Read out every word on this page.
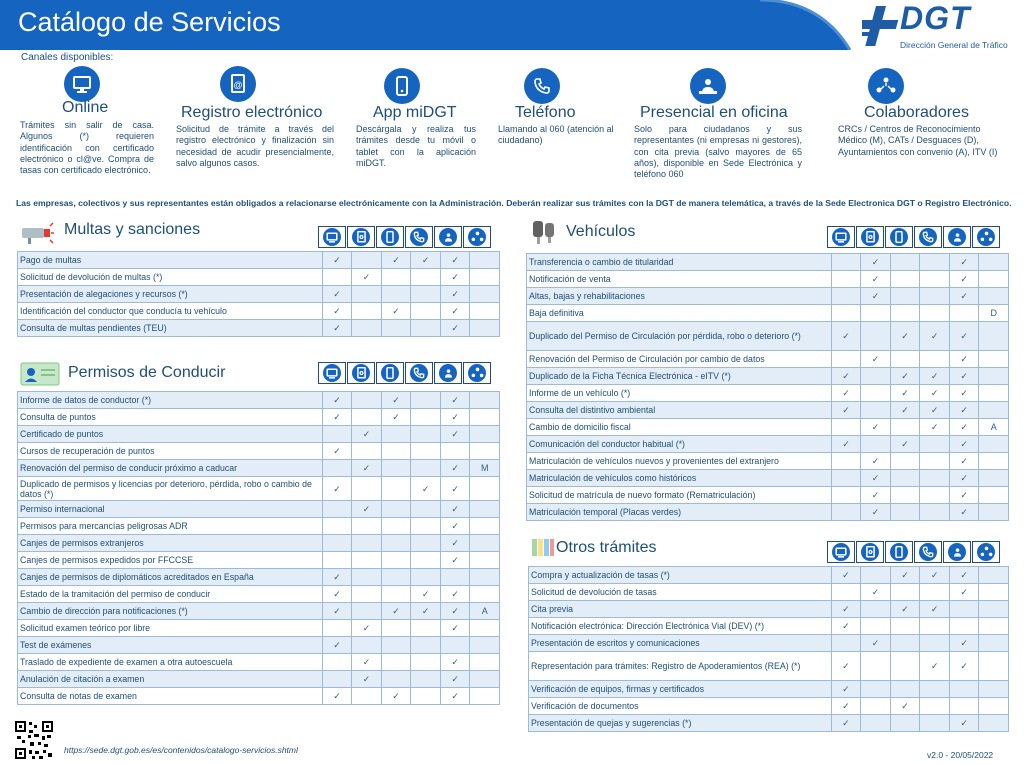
Catálogo de Servicios	DGT
Dirección General de Tráfico
Canales disponibles:
Online
Trámites sin salir de casa. Algunos (*) requieren identificación con certificado electrónico o cl@ve. Compra de tasas con certificado electrónico.
@
Registro electrónico
Solicitud de trámite a través del registro electrónico y finalización sin necesidad de acudir presencialmente, salvo algunos casos.
App miDGT
Descárgala y realiza tus trámites desde tu móvil o tablet con la aplicación miDGT.
Teléfono
Llamando al 060 (atención al ciudadano)
Presencial en oficina
Solo para ciudadanos y sus representantes (ni empresas ni gestores), con cita previa (salvo mayores de 65 años), disponible en Sede Electrónica y teléfono 060
Colaboradores
CRCs / Centros de Reconocimiento Médico (M), CATs / Desguaces (D), Ayuntamientos con convenio (A), ITV (I)
Las empresas, colectivos y sus representantes están obligados a relacionarse electrónicamente con la Administración. Deberán realizar sus trámites con la DGT de manera telemática, a través de la Sede Electronica DGT o Registro Electrónico.
Multas y sanciones
Pago de multas	✓		✓	✓	✓	
Solicitud de devolución de multas (*)		✓			✓	
Presentación de alegaciones y recursos (*)	✓				✓	
Identificación del conductor que conducía tu vehículo	✓		✓		✓	
Consulta de multas pendientes (TEU)	✓				✓	
Permisos de Conducir
Informe de datos de conductor (*)	✓		✓		✓	
Consulta de puntos	✓		✓		✓	
Certificado de puntos		✓			✓	
Cursos de recuperación de puntos	✓					
Renovación del permiso de conducir próximo a caducar		✓			✓	M
Duplicado de permisos y licencias por deterioro, pérdida, robo o cambio de datos (*)	✓			✓	✓	
Permiso internacional		✓			✓	
Permisos para mercancías peligrosas ADR					✓	
Canjes de permisos extranjeros					✓	
Canjes de permisos expedidos por FFCCSE					✓	
Canjes de permisos de diplomáticos acreditados en España	✓					
Estado de la tramitación del permiso de conducir	✓			✓	✓	
Cambio de dirección para notificaciones (*)	✓		✓	✓	✓	A
Solicitud examen teórico por libre		✓			✓	
Test de exámenes	✓					
Traslado de expediente de examen a otra autoescuela		✓			✓	
Anulación de citación a examen		✓			✓	
Consulta de notas de examen	✓		✓		✓	
Vehículos
Transferencia o cambio de titularidad		✓			✓	
Notificación de venta		✓			✓	
Altas, bajas y rehabilitaciones		✓			✓	
Baja definitiva						D
Duplicado del Permiso de Circulación por pérdida, robo o deterioro (*)	✓		✓	✓	✓	
Renovación del Permiso de Circulación por cambio de datos		✓			✓	
Duplicado de la Ficha Técnica Electrónica - eITV (*)	✓		✓	✓	✓	
Informe de un vehículo (*)	✓		✓	✓	✓	
Consulta del distintivo ambiental	✓		✓	✓	✓	
Cambio de domicilio fiscal		✓		✓	✓	A
Comunicación del conductor habitual (*)	✓		✓		✓	
Matriculación de vehículos nuevos y provenientes del extranjero		✓			✓	
Matriculación de vehículos como históricos		✓			✓	
Solicitud de matrícula de nuevo formato (Rematriculación)		✓			✓	
Matriculación temporal (Placas verdes)		✓			✓	
Otros trámites
Compra y actualización de tasas (*)	✓		✓	✓	✓	
Solicitud de devolución de tasas		✓			✓	
Cita previa	✓		✓	✓		
Notificación electrónica: Dirección Electrónica Vial (DEV) (*)	✓					
Presentación de escritos y comunicaciones		✓			✓	
Representación para trámites: Registro de Apoderamientos (REA) (*)	✓			✓	✓	
Verificación de equipos, firmas y certificados	✓					
Verificación de documentos	✓		✓			
Presentación de quejas y sugerencias (*)	✓				✓	
https://sede.dgt.gob.es/es/contenidos/catalogo-servicios.shtml	v2.0 - 20/05/2022
